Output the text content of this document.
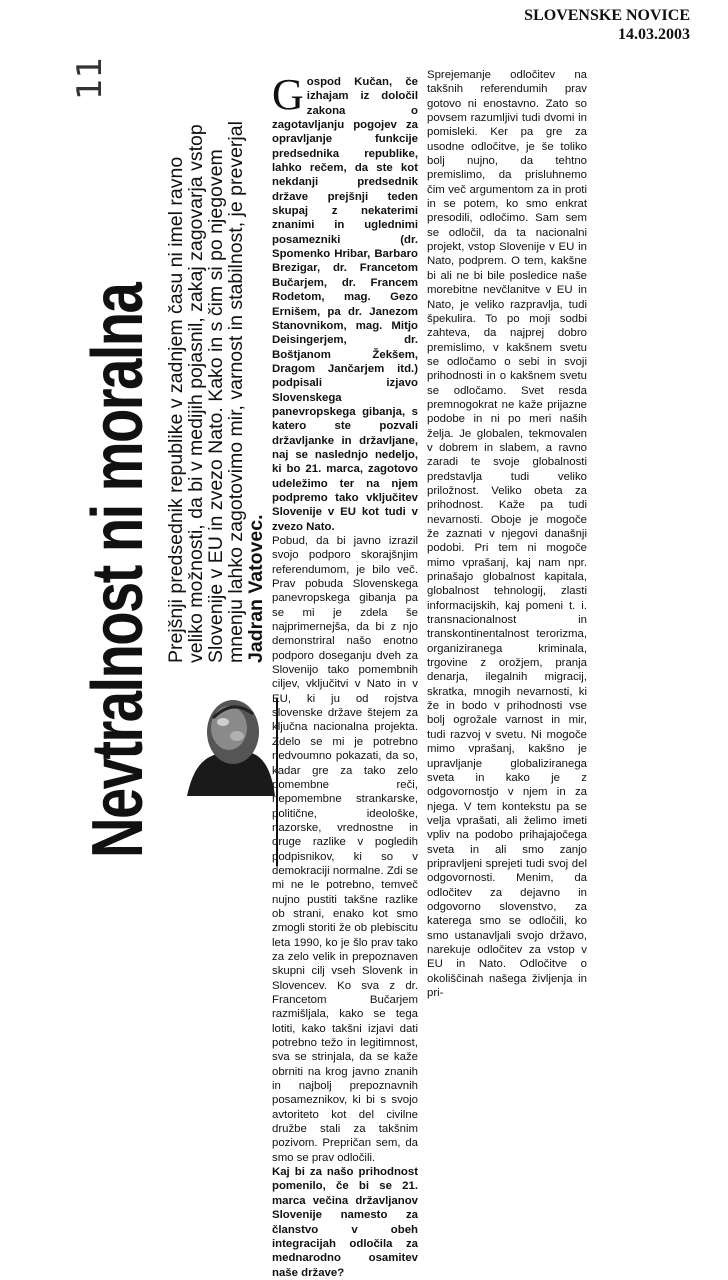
SLOVENSKE NOVICE
14.03.2003
11
Nevtralnost ni moralna Prejšnji predsednik republike v zadnjem času ni imel ravno veliko možnosti, da bi v medijih pojasnil, zakaj zagovarja vstop Slovenije v EU in zvezo Nato. Kako in s čim si po njegovem mnenju lahko zagotovimo mir, varnost in stabilnost, je preverjal Jadran Vatovec.

Gospod Kučan, če izhajam iz določil zakona o zagotavljanju pogojev za opravljanje funkcije predsednika republike, lahko rečem, da ste kot nekdanji predsednik države prejšnji teden skupaj z nekaterimi znanimi in uglednimi posamezniki (dr. Spomenko Hribar, Barbaro Brezigar, dr. Francetom Bučarjem, dr. Francem Rodetom, mag. Gezo Ernišem, pa dr. Janezom Stanovnikom, mag. Mitjo Deisingerjem, dr. Boštjanom Žekšem, Dragom Jančarjem itd.) podpisali izjavo Slovenskega panevropskega gibanja, s katero ste pozvali državljanke in državljane, naj se naslednjo nedeljo, ki bo 21. marca, zagotovo udeležimo ter na njem podpremo tako vključitev Slovenije v EU kot tudi v zvezo Nato.

Pobud, da bi javno izrazil svojo podporo skorajšnjim referendumom, je bilo več. Prav pobuda Slovenskega panevropskega gibanja pa se mi je zdela še najprimernejša, da bi z njo demonstriral našo enotno podporo doseganju dveh za Slovenijo tako pomembnih ciljev, vključitvi v Nato in v EU, ki ju od rojstva slovenske države štejem za ključna nacionalna projekta. Zdelo se mi je potrebno nedvoumno pokazati, da so, kadar gre za tako zelo pomembne reči, nepomembne strankarske, politične, ideološke, nazorske, vrednostne in druge razlike v pogledih podpisnikov, ki so v demokraciji normalne. Zdi se mi ne le potrebno, temveč nujno pustiti takšne razlike ob strani, enako kot smo zmogli storiti že ob plebiscitu leta 1990, ko je šlo prav tako za zelo velik in prepoznaven skupni cilj vseh Slovenk in Slovencev. Ko sva z dr. Francetom Bučarjem razmišljala, kako se tega lotiti, kako takšni izjavi dati potrebno težo in legitimnost, sva se strinjala, da se kaže obrniti na krog javno znanih in najbolj prepoznavnih posameznikov, ki bi s svojo avtoriteto kot del civilne družbe stali za takšnim pozivom. Prepričan sem, da smo se prav odločili.

Kaj bi za našo prihodnost pomenilo, če bi se 21. marca večina državljanov Slovenije namesto za članstvo v obeh integracijah odločila za mednarodno osamitev naše države?

Sprejemanje odločitev na takšnih referendumih prav gotovo ni enostavno. Zato so povsem razumljivi tudi dvomi in pomisleki. Ker pa gre za usodne odločitve, je še toliko bolj nujno, da tehtno premislimo, da prisluhnemo čim več argumentom za in proti in se potem, ko smo enkrat presodili, odločimo. Sam sem se odločil, da ta nacionalni projekt, vstop Slovenije v EU in Nato, podprem. O tem, kakšne bi ali ne bi bile posledice naše morebitne nevčlanitve v EU in Nato, je veliko razpravlja, tudi špekulira. To po moji sodbi zahteva, da najprej dobro premislimo, v kakšnem svetu se odločamo o sebi in svoji prihodnosti in o kakšnem svetu se odločamo. Svet resda premnogokrat ne kaže prijazne podobe in ni po meri naših želja. Je globalen, tekmovalen v dobrem in slabem, a ravno zaradi te svoje globalnosti predstavlja tudi veliko priložnost. Veliko obeta za prihodnost. Kaže pa tudi nevarnosti. Oboje je mogoče že zaznati v njegovi današnji podobi. Pri tem ni mogoče mimo vprašanj, kaj nam npr. prinašajo globalnost kapitala, globalnost tehnologij, zlasti informacijskih, kaj pomeni t. i. transnacionalnost in transkontinentalnost terorizma, organiziranega kriminala, trgovine z orožjem, pranja denarja, ilegalnih migracij, skratka, mnogih nevarnosti, ki že in bodo v prihodnosti vse bolj ogrožale varnost in mir, tudi razvoj v svetu. Ni mogoče mimo vprašanj, kakšno je upravljanje globaliziranega sveta in kako je z odgovornostjo v njem in za njega. V tem kontekstu pa se velja vprašati, ali želimo imeti vpliv na podobo prihajajočega sveta in ali smo zanjo pripravljeni sprejeti tudi svoj del odgovornosti. Menim, da odločitev za dejavno in odgovorno slovenstvo, za katerega smo se odločili, ko smo ustanavljali svojo državo, narekuje odločitev za vstop v EU in Nato. Odločitve o okoliščinah našega življenja in pri-
